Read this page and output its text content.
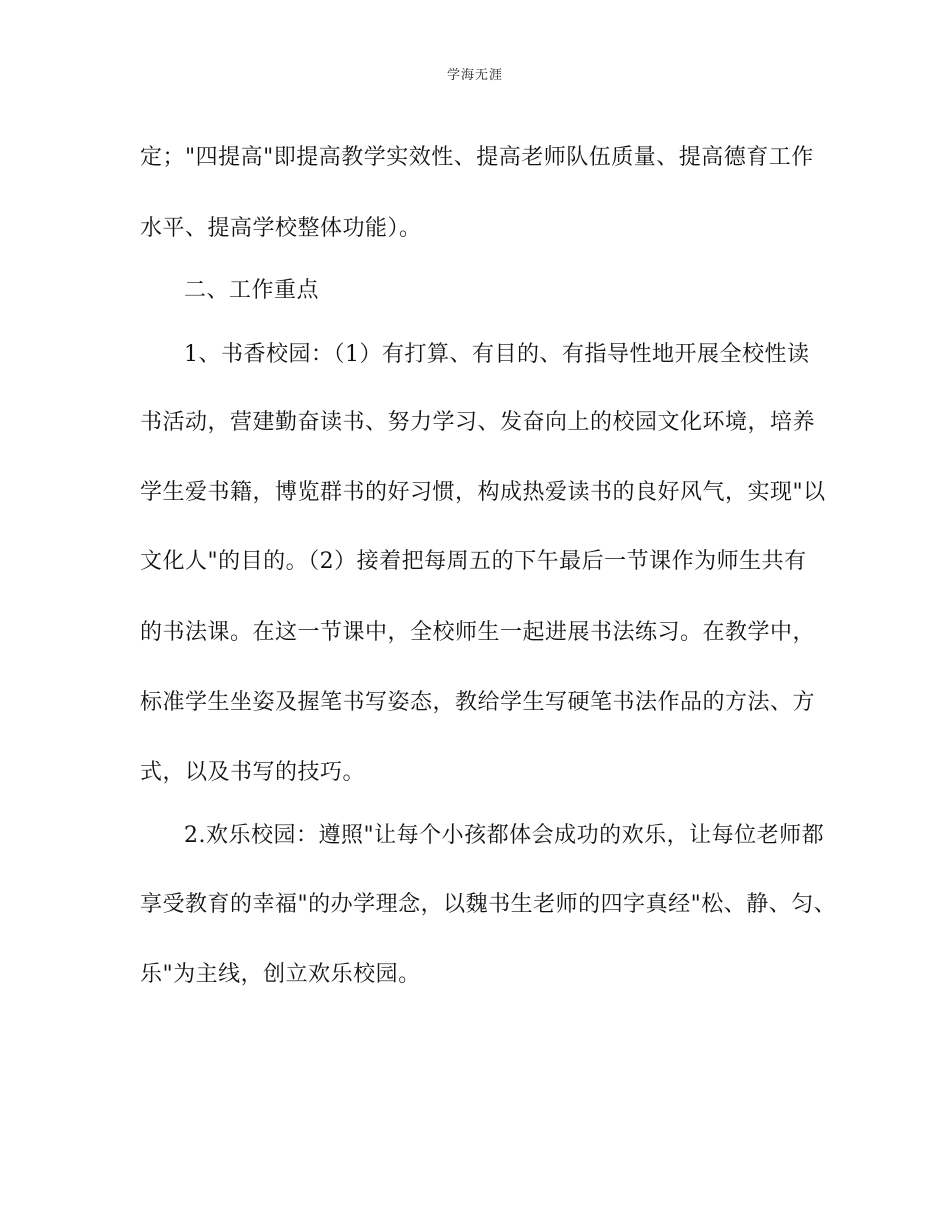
学海无涯
定；"四提高"即提高教学实效性、提高老师队伍质量、提高德育工作
水平、提高学校整体功能）。
二、工作重点
1、书香校园：（1）有打算、有目的、有指导性地开展全校性读
书活动，营建勤奋读书、努力学习、发奋向上的校园文化环境，培养
学生爱书籍，博览群书的好习惯，构成热爱读书的良好风气，实现"以
文化人"的目的。（2）接着把每周五的下午最后一节课作为师生共有
的书法课。在这一节课中，全校师生一起进展书法练习。在教学中，
标准学生坐姿及握笔书写姿态，教给学生写硬笔书法作品的方法、方
式，以及书写的技巧。
2.欢乐校园：遵照"让每个小孩都体会成功的欢乐，让每位老师都
享受教育的幸福"的办学理念，以魏书生老师的四字真经"松、静、匀、
乐"为主线，创立欢乐校园。
